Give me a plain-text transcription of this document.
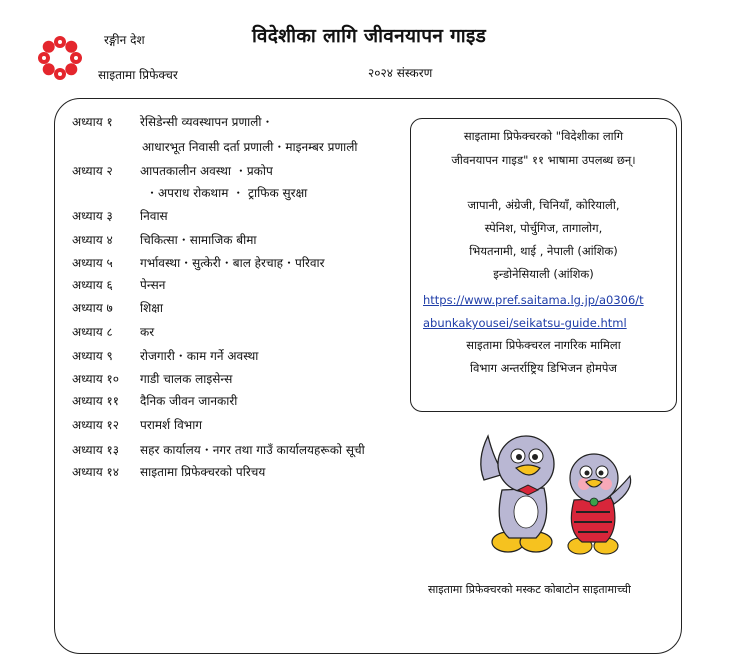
रङ्गीन देश
साइतामा प्रिफेक्चर
विदेशीका लागि जीवनयापन गाइड
२०२४ संस्करण
अध्याय १ रेसिडेन्सी व्यवस्थापन प्रणाली・
आधारभूत निवासी दर्ता प्रणाली・माइनम्बर प्रणाली
अध्याय २ आपतकालीन अवस्था ・प्रकोप
・अपराध रोकथाम ・ ट्राफिक सुरक्षा
अध्याय ३ निवास
अध्याय ४ चिकित्सा・सामाजिक बीमा
अध्याय ५ गर्भावस्था・सुत्केरी・बाल हेरचाह・परिवार
अध्याय ६ पेन्सन
अध्याय ७ शिक्षा
अध्याय ८ कर
अध्याय ९ रोजगारी・काम गर्ने अवस्था
अध्याय १० गाडी चालक लाइसेन्स
अध्याय ११ दैनिक जीवन जानकारी
अध्याय १२ परामर्श विभाग
अध्याय १३ सहर कार्यालय・नगर तथा गाउँ कार्यालयहरूको सूची
अध्याय १४ साइतामा प्रिफेक्चरको परिचय
साइतामा प्रिफेक्चरको "विदेशीका लागि
जीवनयापन गाइड" ११ भाषामा उपलब्ध छन्।
जापानी, अंग्रेजी, चिनियाँ, कोरियाली,
स्पेनिश, पोर्चुगिज, तागालोग,
भियतनामी, थाई , नेपाली (आंशिक)
इन्डोनेसियाली (आंशिक)
https://www.pref.saitama.lg.jp/a0306/t
abunkakyousei/seikatsu-guide.html
साइतामा प्रिफेक्चरल नागरिक मामिला
विभाग अन्तर्राष्ट्रिय डिभिजन होमपेज
साइतामा प्रिफेक्चरको मस्कट कोबाटोन साइतामाच्ची
